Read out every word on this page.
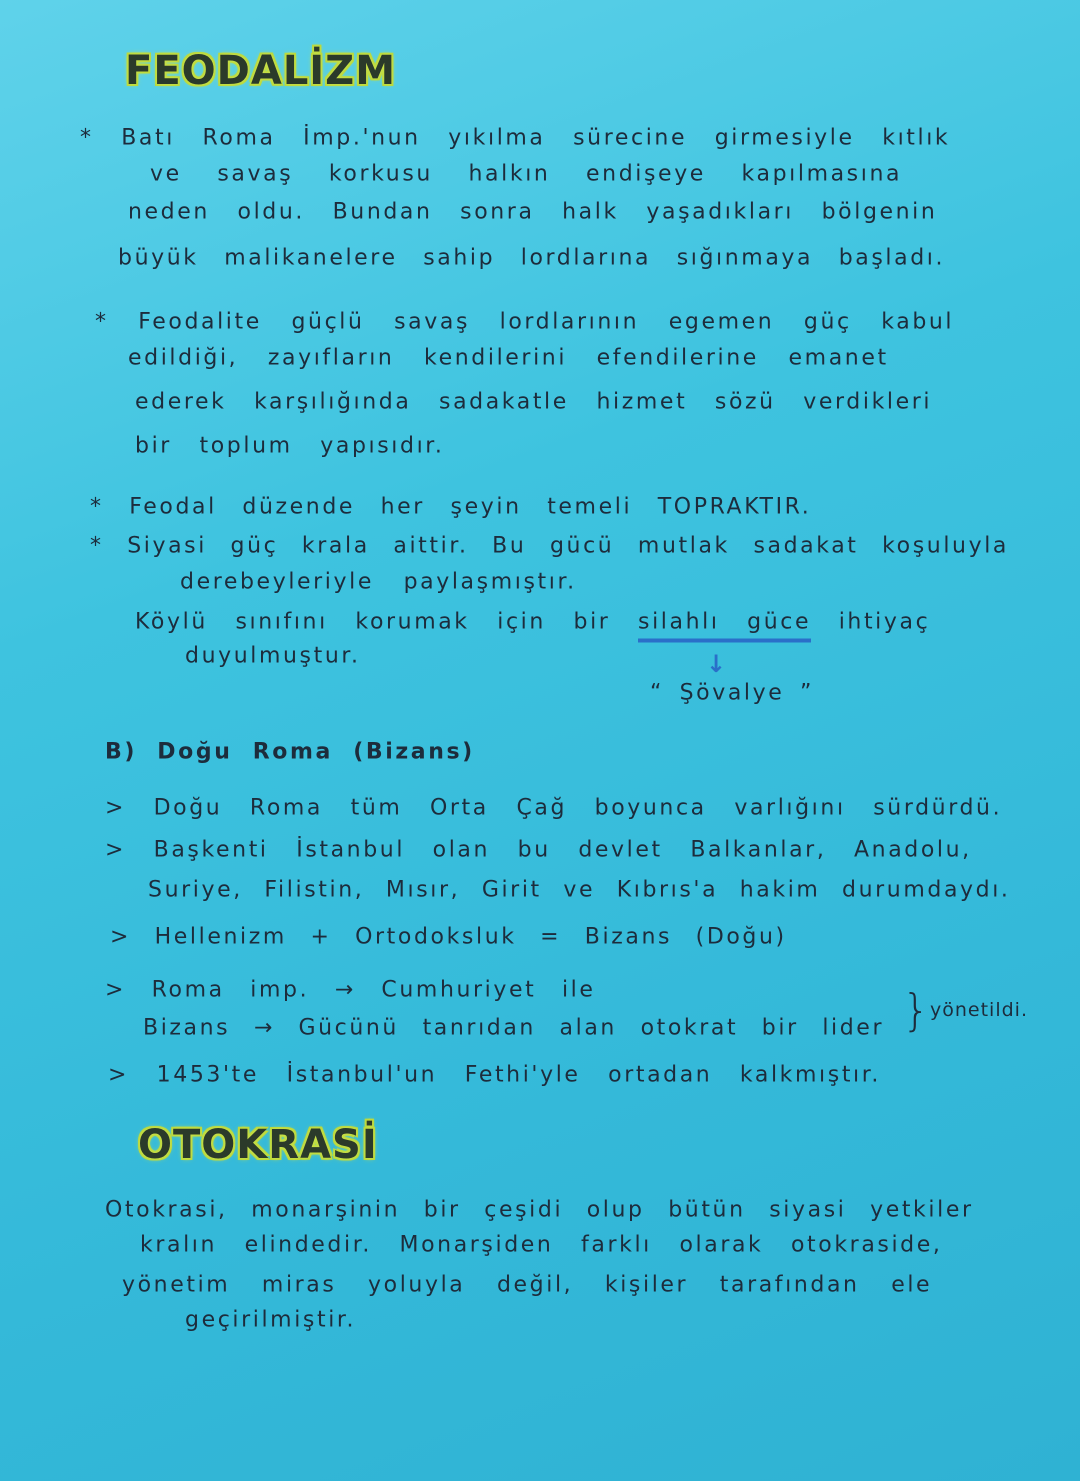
FEODALİZM
* Batı Roma İmp.'nun yıkılma sürecine girmesiyle kıtlık
ve savaş korkusu halkın endişeye kapılmasına
neden oldu. Bundan sonra halk yaşadıkları bölgenin
büyük malikanelere sahip lordlarına sığınmaya başladı.
* Feodalite güçlü savaş lordlarının egemen güç kabul
edildiği, zayıfların kendilerini efendilerine emanet
ederek karşılığında sadakatle hizmet sözü verdikleri
bir toplum yapısıdır.
* Feodal düzende her şeyin temeli TOPRAKTIR.
* Siyasi güç krala aittir. Bu gücü mutlak sadakat koşuluyla
derebeyleriyle paylaşmıştır.
Köylü sınıfını korumak için bir silahlı güce ihtiyaç
duyulmuştur.	↓
“ Şövalye ”
B) Doğu Roma (Bizans)
> Doğu Roma tüm Orta Çağ boyunca varlığını sürdürdü.
> Başkenti İstanbul olan bu devlet Balkanlar, Anadolu,
Suriye, Filistin, Mısır, Girit ve Kıbrıs'a hakim durumdaydı.
> Hellenizm + Ortodoksluk = Bizans (Doğu)
> Roma imp. → Cumhuriyet ile
Bizans → Gücünü tanrıdan alan otokrat bir lider } yönetildi.
> 1453'te İstanbul'un Fethi'yle ortadan kalkmıştır.
OTOKRASİ
Otokrasi, monarşinin bir çeşidi olup bütün siyasi yetkiler
kralın elindedir. Monarşiden farklı olarak otokraside,
yönetim miras yoluyla değil, kişiler tarafından ele
geçirilmiştir.
